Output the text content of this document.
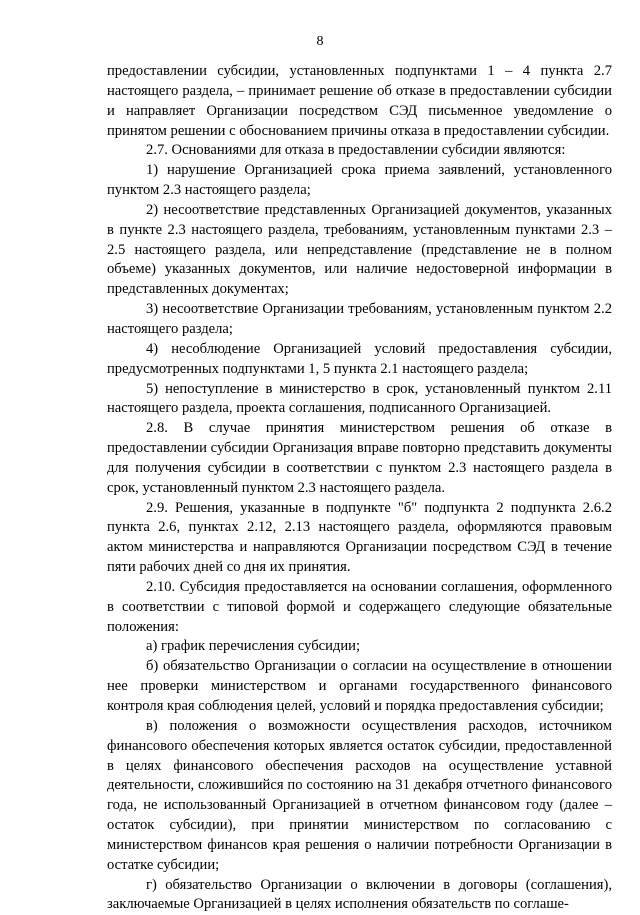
8

предоставлении субсидии, установленных подпунктами 1 – 4 пункта 2.7 настоящего раздела, – принимает решение об отказе в предоставлении субсидии и направляет Организации посредством СЭД письменное уведомление о принятом решении с обоснованием причины отказа в предоставлении субсидии.

2.7. Основаниями для отказа в предоставлении субсидии являются:

1) нарушение Организацией срока приема заявлений, установленного пунктом 2.3 настоящего раздела;

2) несоответствие представленных Организацией документов, указанных в пункте 2.3 настоящего раздела, требованиям, установленным пунктами 2.3 – 2.5 настоящего раздела, или непредставление (представление не в полном объеме) указанных документов, или наличие недостоверной информации в представленных документах;

3) несоответствие Организации требованиям, установленным пунктом 2.2 настоящего раздела;

4) несоблюдение Организацией условий предоставления субсидии, предусмотренных подпунктами 1, 5 пункта 2.1 настоящего раздела;

5) непоступление в министерство в срок, установленный пунктом 2.11 настоящего раздела, проекта соглашения, подписанного Организацией.

2.8. В случае принятия министерством решения об отказе в предоставлении субсидии Организация вправе повторно представить документы для получения субсидии в соответствии с пунктом 2.3 настоящего раздела в срок, установленный пунктом 2.3 настоящего раздела.

2.9. Решения, указанные в подпункте "б" подпункта 2 подпункта 2.6.2 пункта 2.6, пунктах 2.12, 2.13 настоящего раздела, оформляются правовым актом министерства и направляются Организации посредством СЭД в течение пяти рабочих дней со дня их принятия.

2.10. Субсидия предоставляется на основании соглашения, оформленного в соответствии с типовой формой и содержащего следующие обязательные положения:

а) график перечисления субсидии;

б) обязательство Организации о согласии на осуществление в отношении нее проверки министерством и органами государственного финансового контроля края соблюдения целей, условий и порядка предоставления субсидии;

в) положения о возможности осуществления расходов, источником финансового обеспечения которых является остаток субсидии, предоставленной в целях финансового обеспечения расходов на осуществление уставной деятельности, сложившийся по состоянию на 31 декабря отчетного финансового года, не использованный Организацией в отчетном финансовом году (далее – остаток субсидии), при принятии министерством по согласованию с министерством финансов края решения о наличии потребности Организации в остатке субсидии;

г) обязательство Организации о включении в договоры (соглашения), заключаемые Организацией в целях исполнения обязательств по соглаше-
